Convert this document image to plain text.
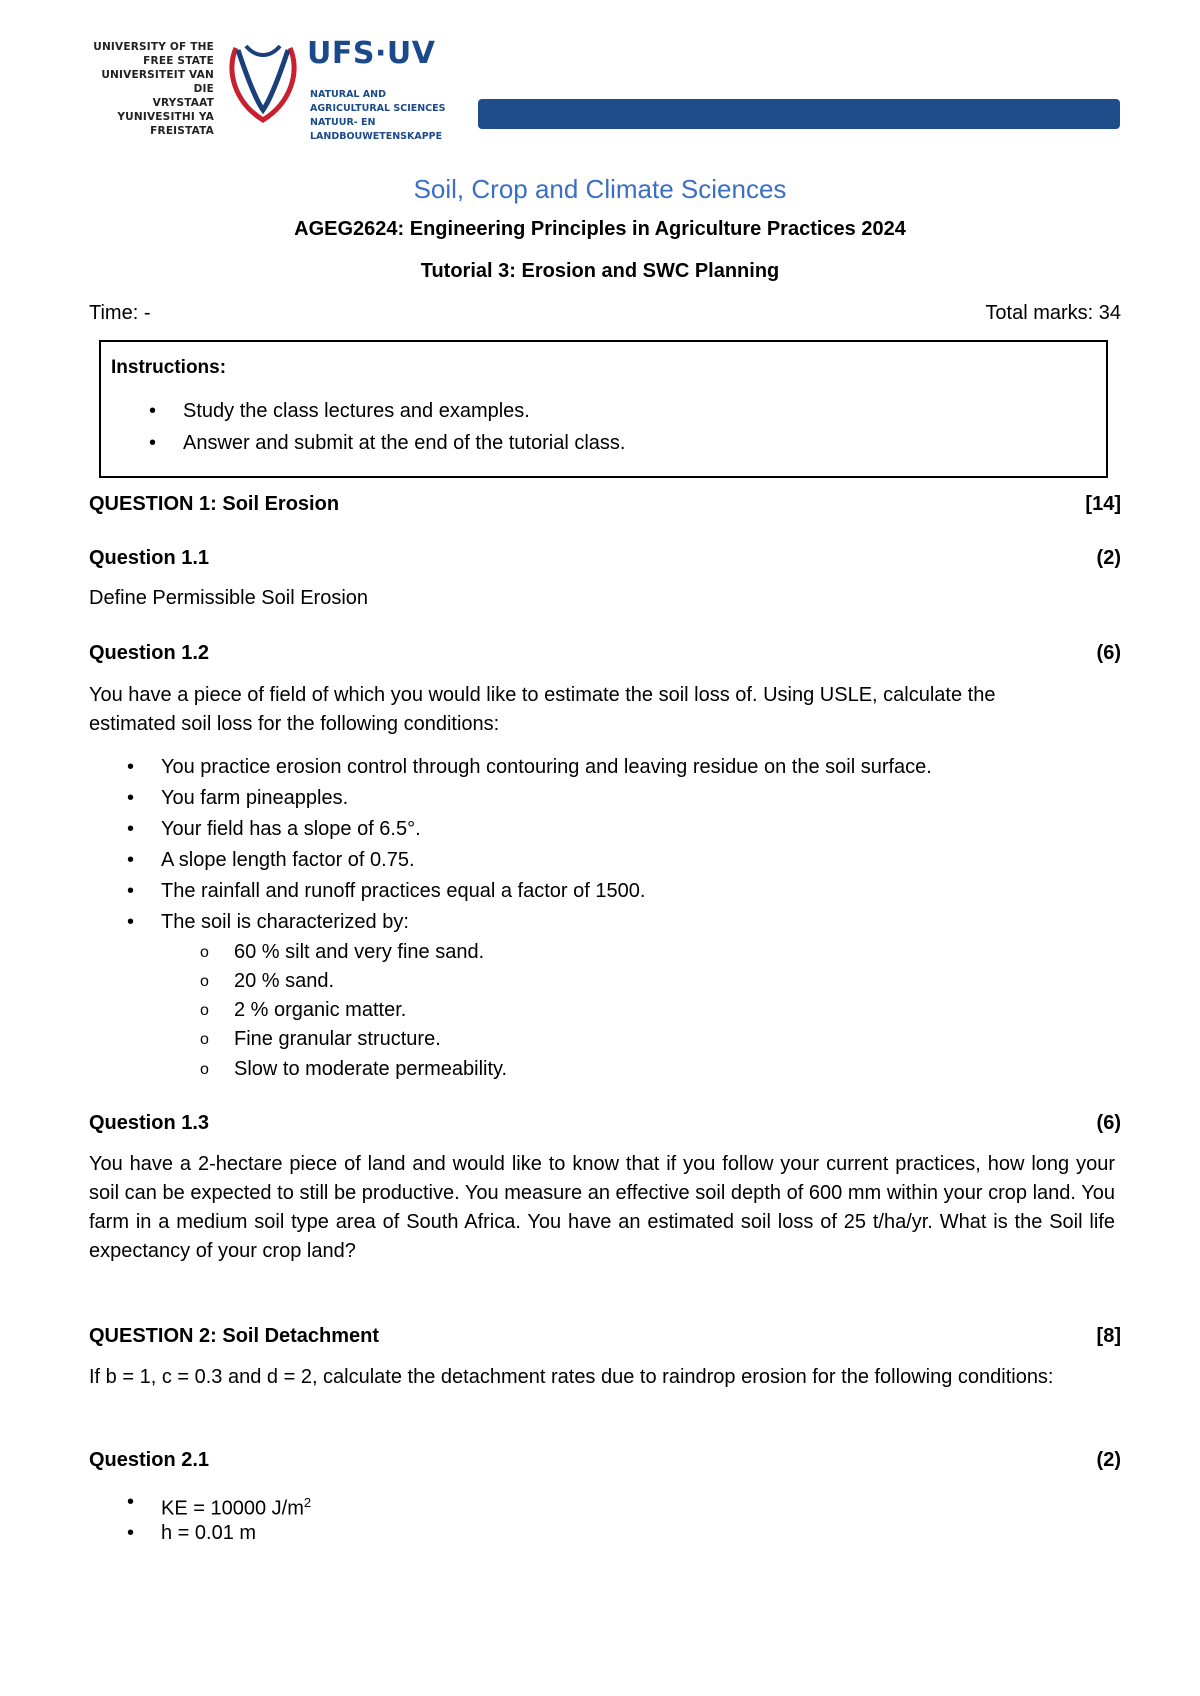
UNIVERSITY OF THE
FREE STATE
UNIVERSITEIT VAN DIE
VRYSTAAT
YUNIVESITHI YA
FREISTATA
UFS·UV
NATURAL AND
AGRICULTURAL SCIENCES
NATUUR- EN
LANDBOUWETENSKAPPE
Soil, Crop and Climate Sciences
AGEG2624: Engineering Principles in Agriculture Practices 2024
Tutorial 3: Erosion and SWC Planning
Time: -	Total marks: 34
Instructions:
• Study the class lectures and examples.
• Answer and submit at the end of the tutorial class.
QUESTION 1: Soil Erosion	[14]
Question 1.1	(2)
Define Permissible Soil Erosion
Question 1.2	(6)
You have a piece of field of which you would like to estimate the soil loss of. Using USLE, calculate the estimated soil loss for the following conditions:
• You practice erosion control through contouring and leaving residue on the soil surface.
• You farm pineapples.
• Your field has a slope of 6.5°.
• A slope length factor of 0.75.
• The rainfall and runoff practices equal a factor of 1500.
• The soil is characterized by:
o 60 % silt and very fine sand.
o 20 % sand.
o 2 % organic matter.
o Fine granular structure.
o Slow to moderate permeability.
Question 1.3	(6)
You have a 2-hectare piece of land and would like to know that if you follow your current practices, how long your soil can be expected to still be productive. You measure an effective soil depth of 600 mm within your crop land. You farm in a medium soil type area of South Africa. You have an estimated soil loss of 25 t/ha/yr. What is the Soil life expectancy of your crop land?
QUESTION 2: Soil Detachment	[8]
If b = 1, c = 0.3 and d = 2, calculate the detachment rates due to raindrop erosion for the following conditions:
Question 2.1	(2)
• KE = 10000 $J/m^2$
• h = 0.01 m
